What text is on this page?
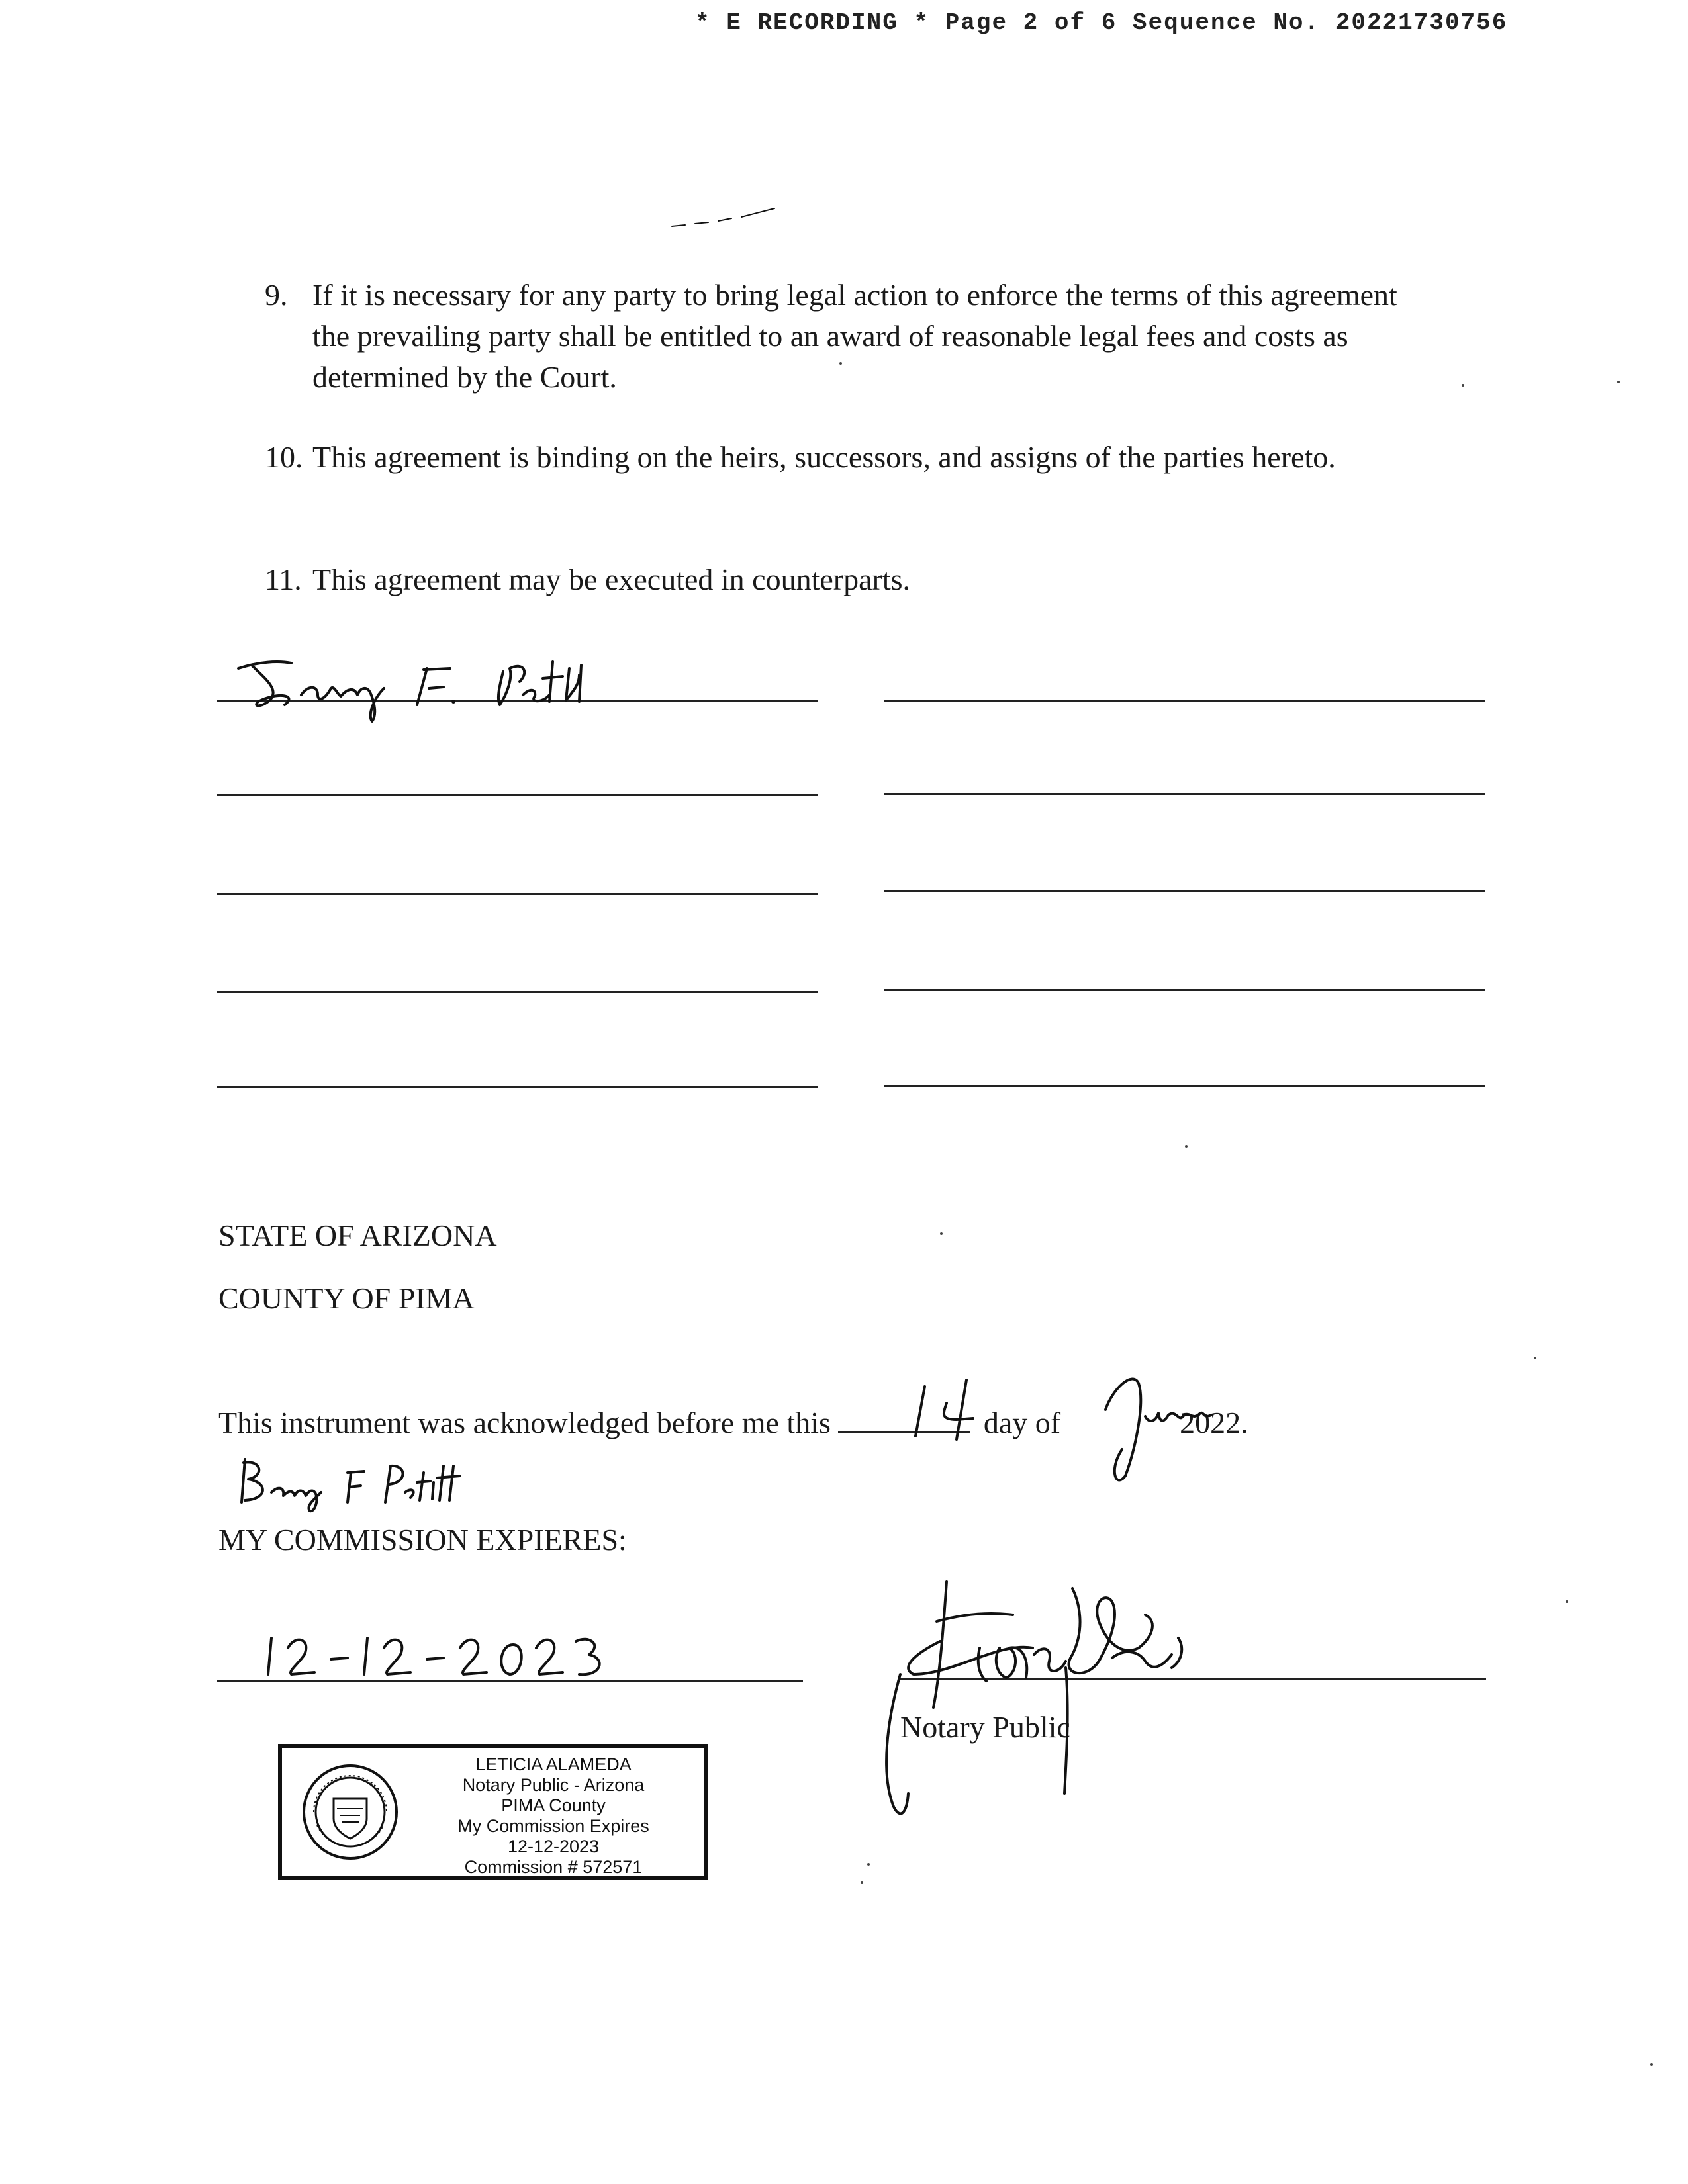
* E RECORDING * Page 2 of 6 Sequence No. 20221730756
9. If it is necessary for any party to bring legal action to enforce the terms of this agreement
the prevailing party shall be entitled to an award of reasonable legal fees and costs as
determined by the Court.
10. This agreement is binding on the heirs, successors, and assigns of the parties hereto.
11. This agreement may be executed in counterparts.
STATE OF ARIZONA
COUNTY OF PIMA
This instrument was acknowledged before me this	day of	2022.
MY COMMISSION EXPIERES:
Notary Public
LETICIA ALAMEDA
Notary Public - Arizona
PIMA County
My Commission Expires
12-12-2023
Commission # 572571
